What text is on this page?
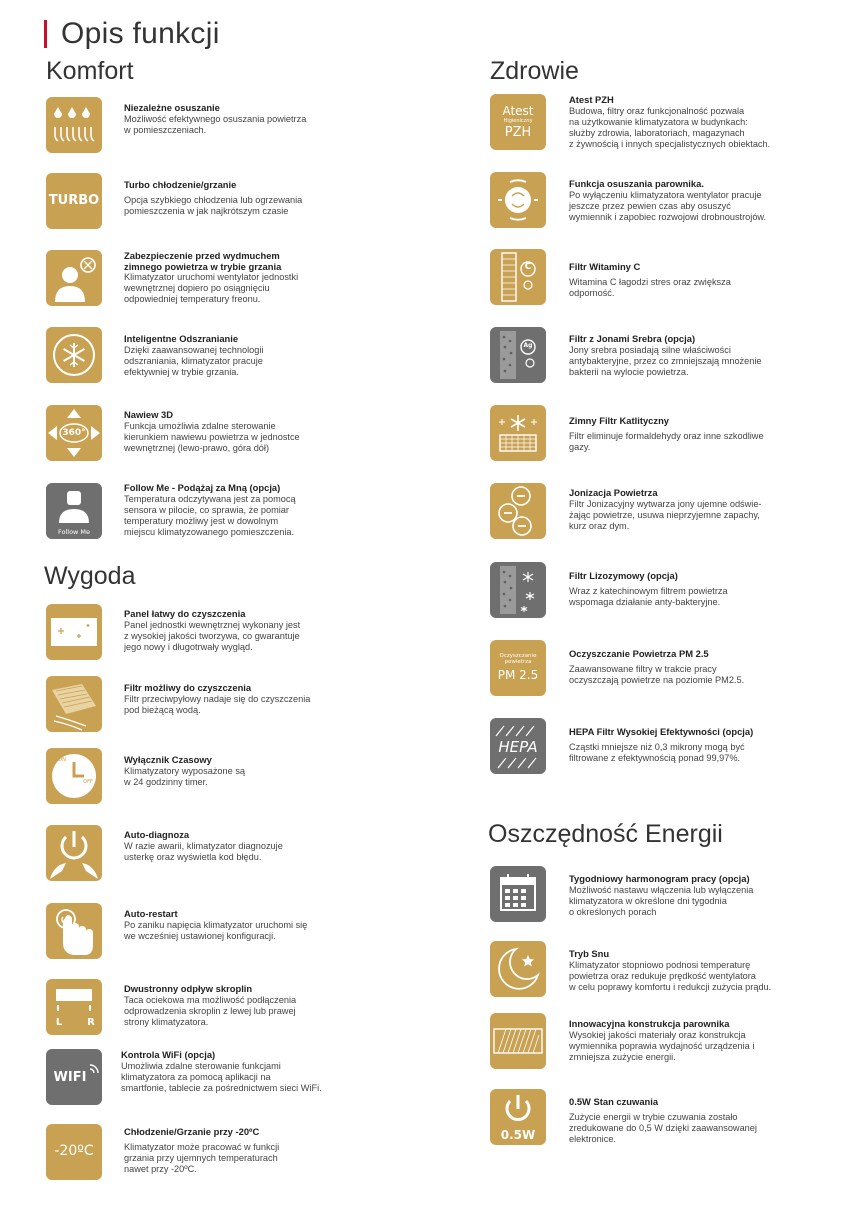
Opis funkcji
Komfort
Wygoda
Zdrowie
Oszczędność Energii
Niezależne osuszanie
Możliwość efektywnego osuszania powietrza
w pomieszczeniach.
TURBO
Turbo chłodzenie/grzanie
Opcja szybkiego chłodzenia lub ogrzewania
pomieszczenia w jak najkrótszym czasie
Zabezpieczenie przed wydmuchem
zimnego powietrza w trybie grzania
Klimatyzator uruchomi wentylator jednostki
wewnętrznej dopiero po osiągnięciu
odpowiedniej temperatury freonu.
Inteligentne Odszranianie
Dzięki zaawansowanej technologii
odszraniania, klimatyzator pracuje
efektywniej w trybie grzania.
360°
Nawiew 3D
Funkcja umożliwia zdalne sterowanie
kierunkiem nawiewu powietrza w jednostce
wewnętrznej (lewo-prawo, góra dół)
Follow Me
Follow Me - Podążaj za Mną (opcja)
Temperatura odczytywana jest za pomocą
sensora w pilocie, co sprawia, że pomiar
temperatury możliwy jest w dowolnym
miejscu klimatyzowanego pomieszczenia.
Panel łatwy do czyszczenia
Panel jednostki wewnętrznej wykonany jest
z wysokiej jakości tworzywa, co gwarantuje
jego nowy i długotrwały wygląd.
Filtr możliwy do czyszczenia
Filtr przeciwpyłowy nadaje się do czyszczenia
pod bieżącą wodą.
ON
OFF
Wyłącznik Czasowy
Klimatyzatory wyposażone są
w 24 godzinny timer.
Auto-diagnoza
W razie awarii, klimatyzator diagnozuje
usterkę oraz wyświetla kod błędu.
Auto-restart
Po zaniku napięcia klimatyzator uruchomi się
we wcześniej ustawionej konfiguracji.
L	R
Dwustronny odpływ skroplin
Taca ociekowa ma możliwość podłączenia
odprowadzenia skroplin z lewej lub prawej
strony klimatyzatora.
WIFI
Kontrola WiFi (opcja)
Umożliwia zdalne sterowanie funkcjami
klimatyzatora za pomocą aplikacji na
smartfonie, tablecie za pośrednictwem sieci WiFi.
-20ºC
Chłodzenie/Grzanie przy -20ºC
Klimatyzator może pracować w funkcji
grzania przy ujemnych temperaturach
nawet przy -20ºC.
Atest
Higieniczny
PZH
Atest PZH
Budowa, filtry oraz funkcjonalność pozwala
na użytkowanie klimatyzatora w budynkach:
służby zdrowia, laboratoriach, magazynach
z żywnością i innych specjalistycznych obiektach.
Funkcja osuszania parownika.
Po wyłączeniu klimatyzatora wentylator pracuje
jeszcze przez pewien czas aby osuszyć
wymiennik i zapobiec rozwojowi drobnoustrojów.
C	Filtr Witaminy C
Witamina C łagodzi stres oraz zwiększa
odporność.
Ag
Filtr z Jonami Srebra (opcja)
Jony srebra posiadają silne właściwości
antybakteryjne, przez co zmniejszają mnożenie
bakterii na wylocie powietrza.
Zimny Filtr Katlityczny
Filtr eliminuje formaldehydy oraz inne szkodliwe
gazy.
Jonizacja Powietrza
Filtr Jonizacyjny wytwarza jony ujemne odświe-
żając powietrze, usuwa nieprzyjemne zapachy,
kurz oraz dym.
Filtr Lizozymowy (opcja)
Wraz z katechinowym filtrem powietrza
wspomaga działanie anty-bakteryjne.
Oczyszczanie
powietrza
PM 2.5
Oczyszczanie Powietrza PM 2.5
Zaawansowane filtry w trakcie pracy
oczyszczają powietrze na poziomie PM2.5.
HEPA
HEPA Filtr Wysokiej Efektywności (opcja)
Cząstki mniejsze niż 0,3 mikrony mogą być
filtrowane z efektywnością ponad 99,97%.
Tygodniowy harmonogram pracy (opcja)
Możliwość nastawu włączenia lub wyłączenia
klimatyzatora w określone dni tygodnia
o określonych porach
Tryb Snu
Klimatyzator stopniowo podnosi temperaturę
powietrza oraz redukuje prędkość wentylatora
w celu poprawy komfortu i redukcji zużycia prądu.
Innowacyjna konstrukcja parownika
Wysokiej jakości materiały oraz konstrukcja
wymiennika poprawia wydajność urządzenia i
zmniejsza zużycie energii.
0.5W
0.5W Stan czuwania
Zużycie energii w trybie czuwania zostało
zredukowane do 0,5 W dzięki zaawansowanej
elektronice.
